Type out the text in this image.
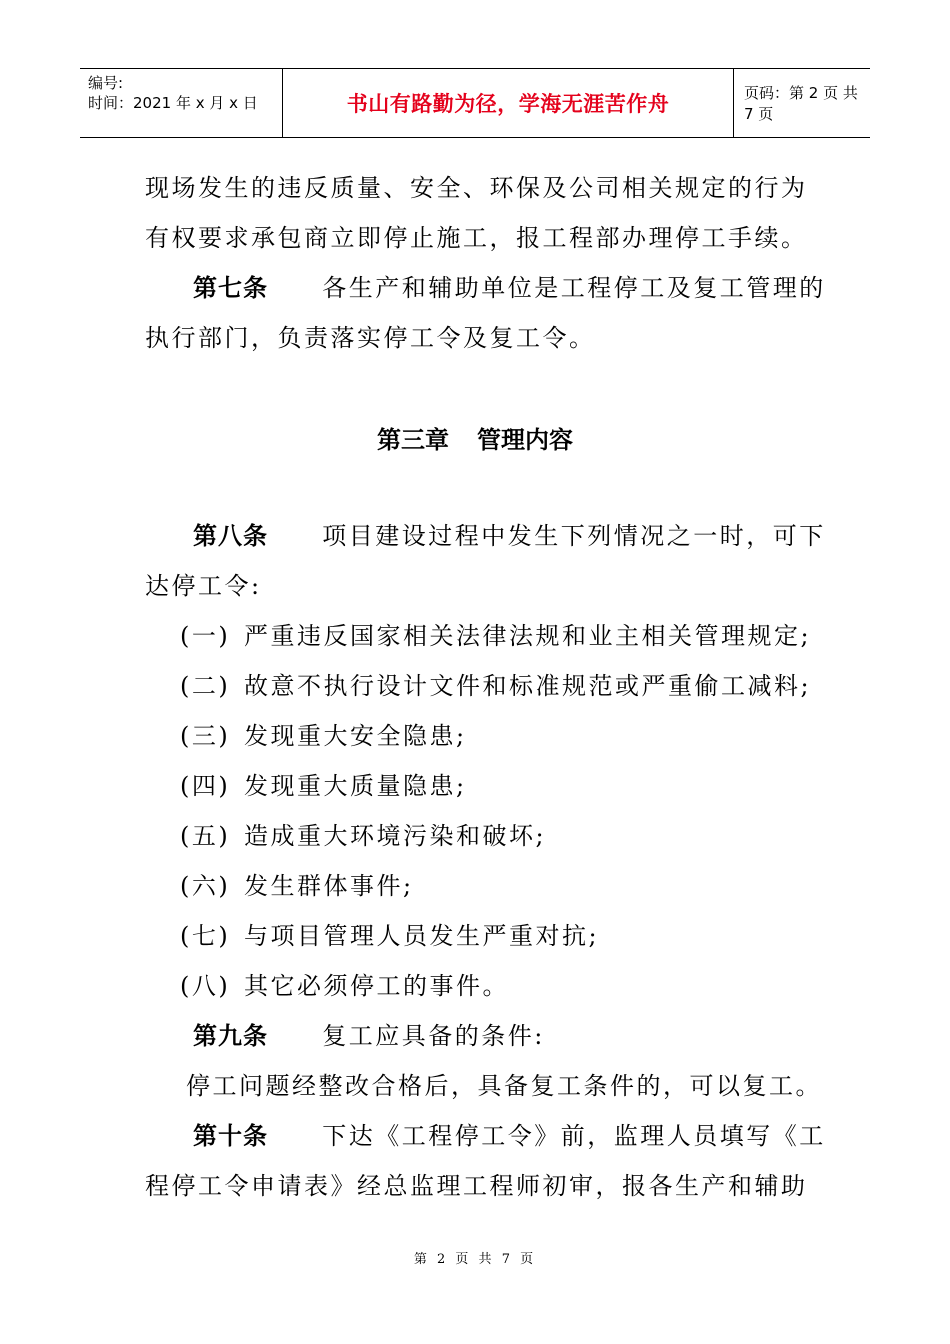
编号:
时间：2021 年 x 月 x 日	书山有路勤为径，学海无涯苦作舟	页码：第 2 页 共 7 页
现场发生的违反质量、安全、环保及公司相关规定的行为
有权要求承包商立即停止施工，报工程部办理停工手续。
第七条 各生产和辅助单位是工程停工及复工管理的
执行部门，负责落实停工令及复工令。
第三章 管理内容
第八条 项目建设过程中发生下列情况之一时，可下
达停工令:
(一) 严重违反国家相关法律法规和业主相关管理规定;
(二) 故意不执行设计文件和标准规范或严重偷工减料;
(三) 发现重大安全隐患;
(四) 发现重大质量隐患;
(五) 造成重大环境污染和破坏;
(六) 发生群体事件;
(七) 与项目管理人员发生严重对抗;
(八) 其它必须停工的事件。
第九条 复工应具备的条件:
停工问题经整改合格后，具备复工条件的，可以复工。
第十条 下达《工程停工令》前，监理人员填写《工
程停工令申请表》经总监理工程师初审，报各生产和辅助
第 2 页 共 7 页
